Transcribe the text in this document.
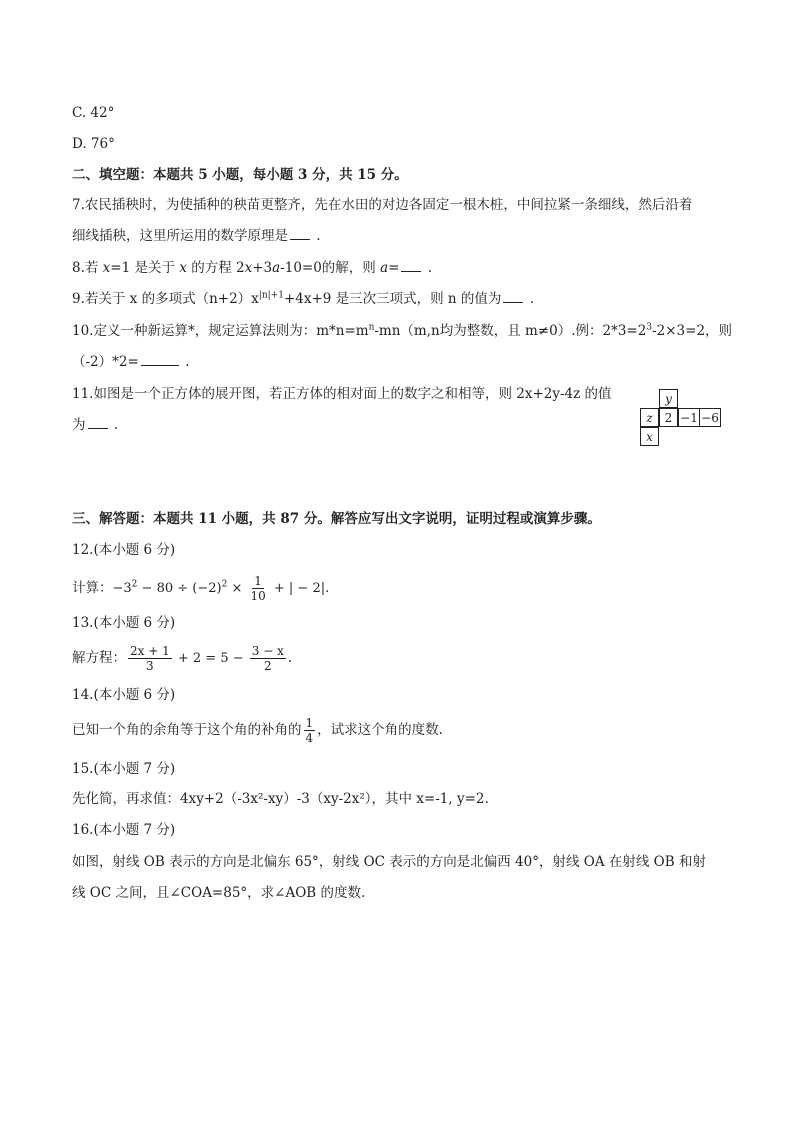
C. 42°
D. 76°
二、填空题：本题共 5 小题，每小题 3 分，共 15 分。
7.农民插秧时，为使插种的秧苗更整齐，先在水田的对边各固定一根木桩，中间拉紧一条细线，然后沿着
细线插秧，这里所运用的数学原理是 .
8.若 x=1 是关于 x 的方程 2x+3a-10=0的解，则 a= .
9.若关于 x 的多项式$(n+2)x^{|n|+1}+4x+9$ 是三次三项式，则 n 的值为 .
10.定义一种新运算*，规定运算法则为：$m*n=m^n-mn(m,n$均为整数，且 m≠0）.例：$2*3=2^3-2\times 3=2$，则
（-2）*2=	.
11.如图是一个正方体的展开图，若正方体的相对面上的数字之和相等，则 2x+2y-4z 的值
为 .
y
z	2 −1 −6
x
三、解答题：本题共 11 小题，共 87 分。解答应写出文字说明，证明过程或演算步骤。
12.(本小题 6 分)
计算：$-3^2 - 80 \div (-2)^2 \times \frac{1}{10}$ + | − 2|.
13.(本小题 6 分)
解方程： $\frac{2x + 1}{3} + 2 = 5 - \frac{3 - x}{2}$ .
14.(本小题 6 分)
已知一个角的余角等于这个角的补角的 $\frac{1}{4}$ ，试求这个角的度数.
15.(本小题 7 分)
先化简，再求值：4xy+2（-3x²-xy）-3（xy-2x²），其中 x=-1, y=2.
16.(本小题 7 分)
如图，射线 OB 表示的方向是北偏东 65°，射线 OC 表示的方向是北偏西 40°，射线 OA 在射线 OB 和射
线 OC 之间，且∠COA=85°，求∠AOB 的度数.
